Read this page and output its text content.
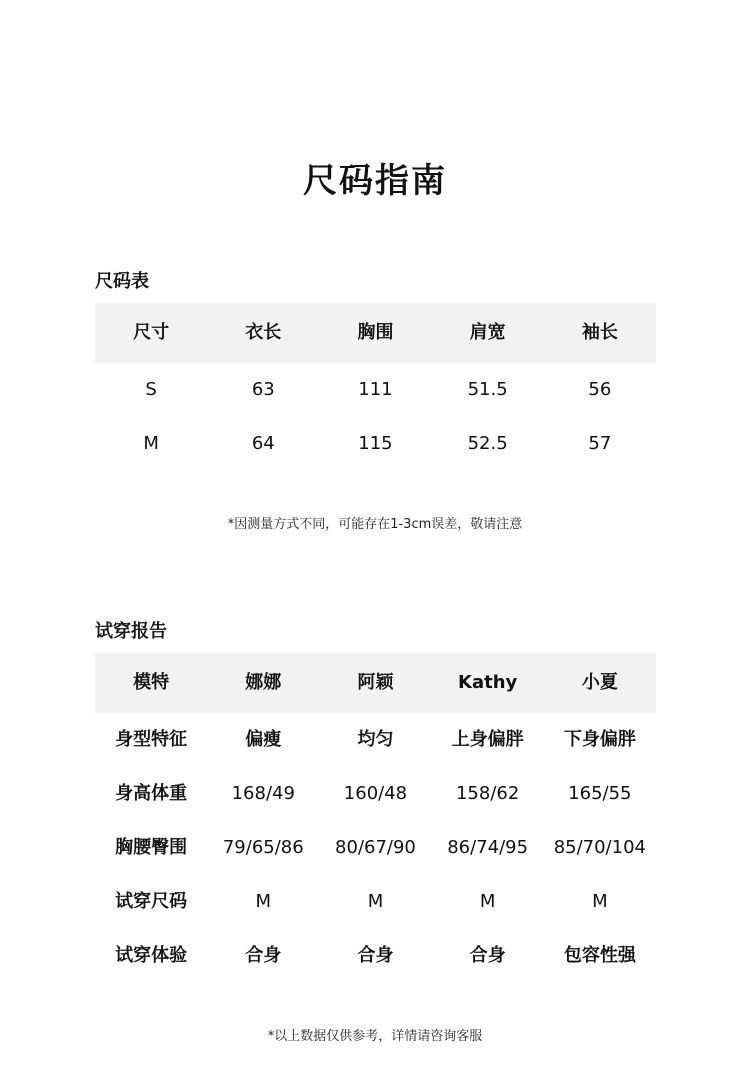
尺码指南
尺码表
尺寸	衣长	胸围	肩宽	袖长
S	63	111	51.5	56
M	64	115	52.5	57
*因测量方式不同，可能存在1-3cm误差，敬请注意
试穿报告
模特	娜娜	阿颖	Kathy	小夏
身型特征	偏瘦	均匀	上身偏胖	下身偏胖
身高体重	168/49	160/48	158/62	165/55
胸腰臀围	79/65/86	80/67/90	86/74/95	85/70/104
试穿尺码	M	M	M	M
试穿体验	合身	合身	合身	包容性强
*以上数据仅供参考，详情请咨询客服
